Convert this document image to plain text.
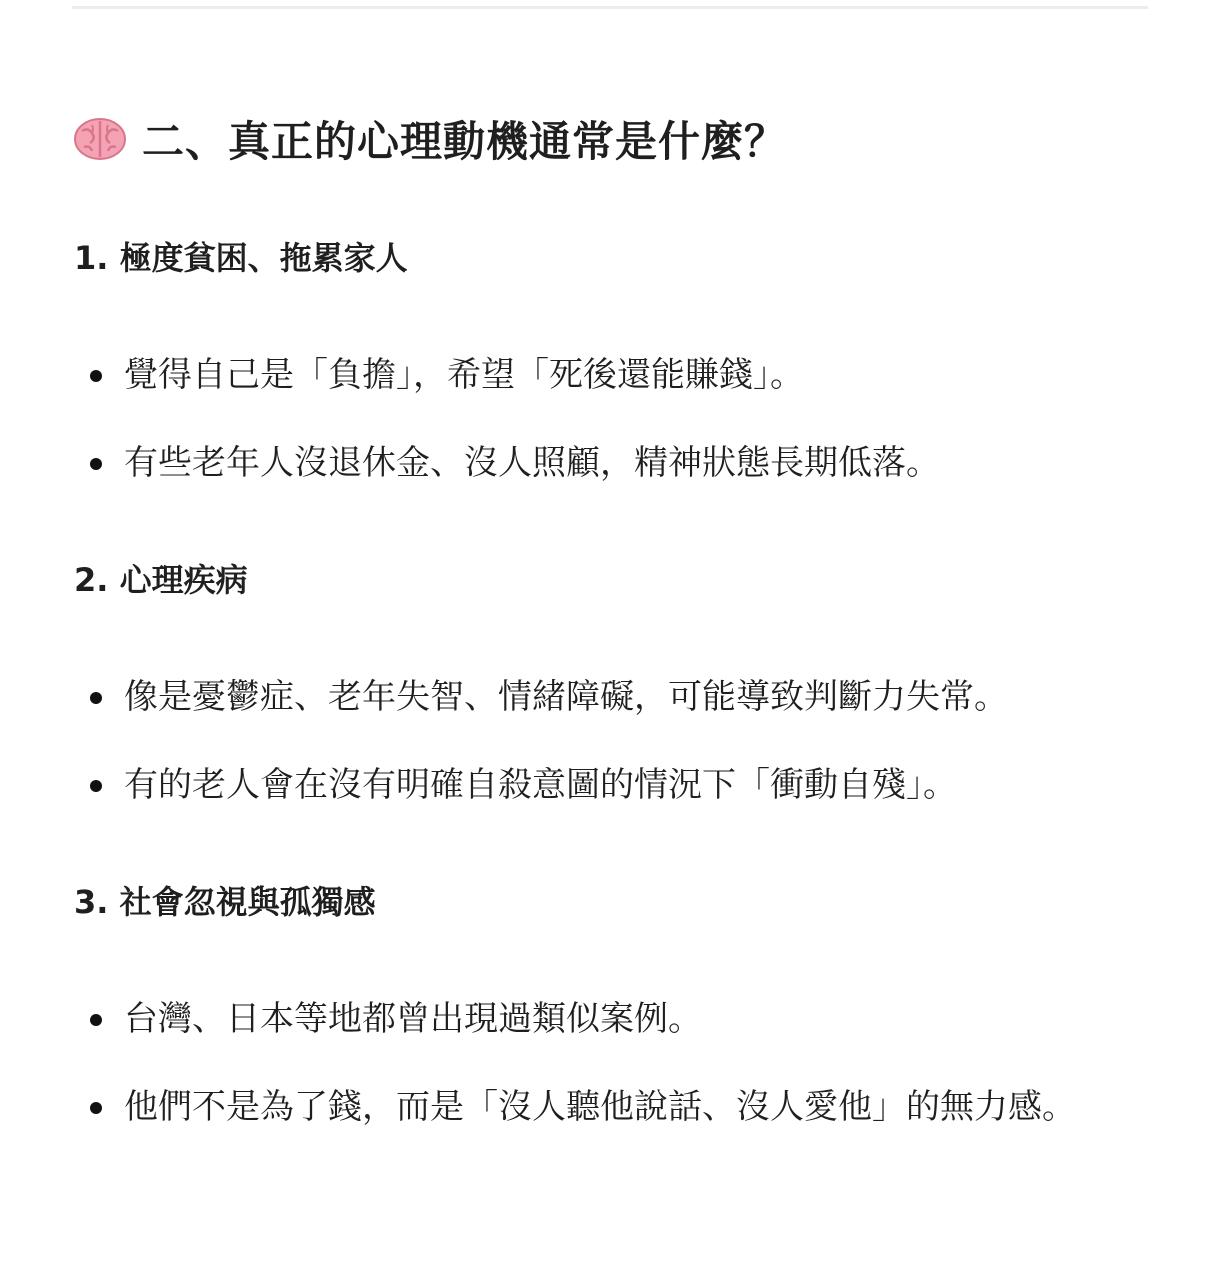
二、真正的心理動機通常是什麼？
1. 極度貧困、拖累家人
覺得自己是「負擔」，希望「死後還能賺錢」。
有些老年人沒退休金、沒人照顧，精神狀態長期低落。
2. 心理疾病
像是憂鬱症、老年失智、情緒障礙，可能導致判斷力失常。
有的老人會在沒有明確自殺意圖的情況下「衝動自殘」。
3. 社會忽視與孤獨感
台灣、日本等地都曾出現過類似案例。
他們不是為了錢，而是「沒人聽他說話、沒人愛他」的無力感。
